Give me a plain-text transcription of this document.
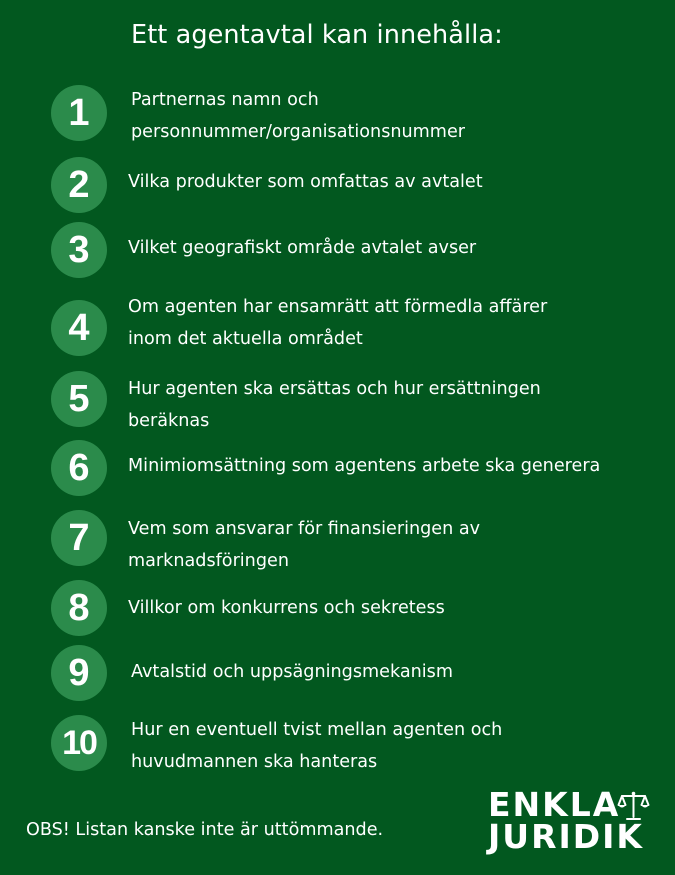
Ett agentavtal kan innehålla:
1	Partnernas namn och
personnummer/organisationsnummer
2	Vilka produkter som omfattas av avtalet
3	Vilket geografiskt område avtalet avser
4	Om agenten har ensamrätt att förmedla affärer
inom det aktuella området
5	Hur agenten ska ersättas och hur ersättningen
beräknas
6	Minimiomsättning som agentens arbete ska generera
7	Vem som ansvarar för finansieringen av
marknadsföringen
8	Villkor om konkurrens och sekretess
9	Avtalstid och uppsägningsmekanism
10	Hur en eventuell tvist mellan agenten och
huvudmannen ska hanteras
OBS! Listan kanske inte är uttömmande.
ENKLA
JURIDIK
